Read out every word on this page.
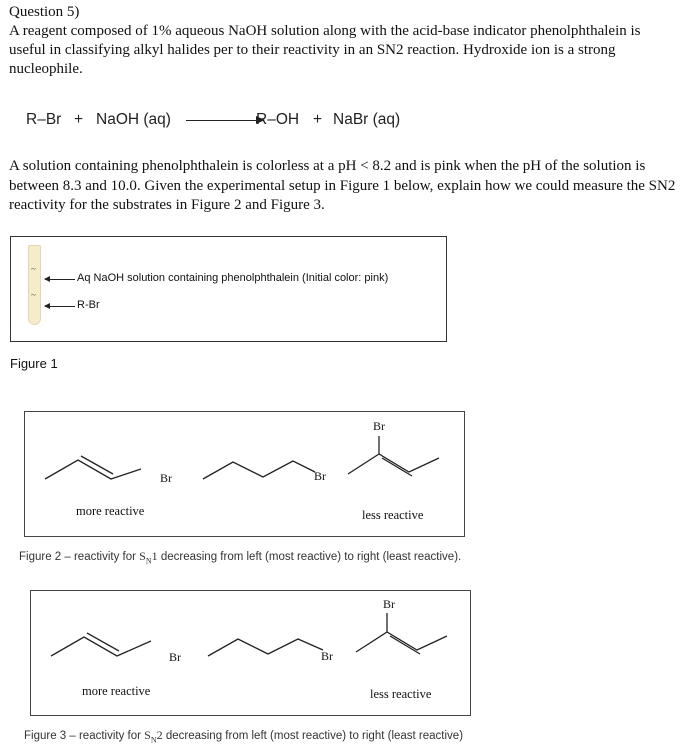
Question 5)
A reagent composed of 1% aqueous NaOH solution along with the acid-base indicator phenolphthalein is useful in classifying alkyl halides per to their reactivity in an SN2 reaction. Hydroxide ion is a strong nucleophile.
R–Br + NaOH (aq)	R–OH + NaBr (aq)
A solution containing phenolphthalein is colorless at a pH < 8.2 and is pink when the pH of the solution is between 8.3 and 10.0. Given the experimental setup in Figure 1 below, explain how we could measure the SN2 reactivity for the substrates in Figure 2 and Figure 3.
~
~
Aq NaOH solution containing phenolphthalein (Initial color: pink)
R-Br
Figure 1
Br	Br
Br
more reactive	less reactive
Figure 2 – reactivity for $S_N1$ decreasing from left (most reactive) to right (least reactive).
Br	Br
Br
more reactive	less reactive
Figure 3 – reactivity for $S_N2$ decreasing from left (most reactive) to right (least reactive)
